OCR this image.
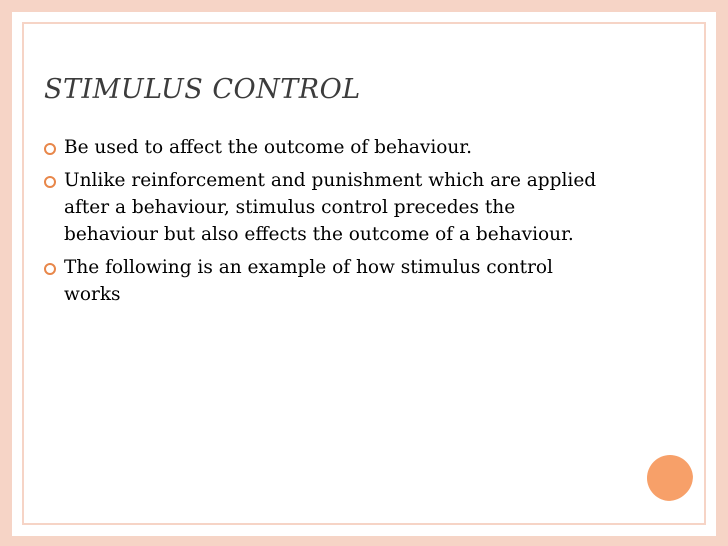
STIMULUS CONTROL
Be used to affect the outcome of behaviour.
Unlike reinforcement and punishment which are applied after a behaviour, stimulus control precedes the behaviour but also effects the outcome of a behaviour.
The following is an example of how stimulus control works
